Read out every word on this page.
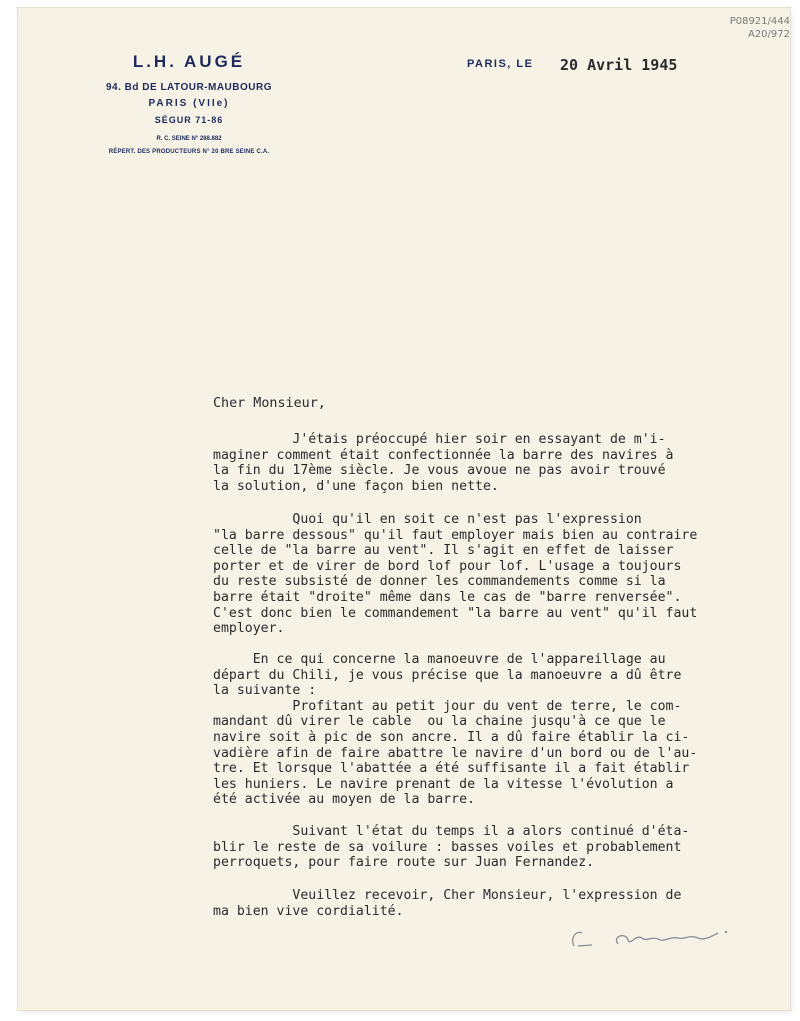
L.H. AUGÉ
94. Bd DE LATOUR-MAUBOURG
PARIS (VIIe)
SÉGUR 71-86
R. C. SEINE N° 288.882
RÉPERT. DES PRODUCTEURS N° 20 BRE SEINE C.A.
PARIS, LE 20 Avril 1945
P08921/444
A20/972
Cher Monsieur,
J'étais préoccupé hier soir en essayant de m'i-
maginer comment était confectionnée la barre des navires à
la fin du 17ème siècle. Je vous avoue ne pas avoir trouvé
la solution, d'une façon bien nette.
Quoi qu'il en soit ce n'est pas l'expression
"la barre dessous" qu'il faut employer mais bien au contraire
celle de "la barre au vent". Il s'agit en effet de laisser
porter et de virer de bord lof pour lof. L'usage a toujours
du reste subsisté de donner les commandements comme si la
barre était "droite" même dans le cas de "barre renversée".
C'est donc bien le commandement "la barre au vent" qu'il faut
employer.
En ce qui concerne la manoeuvre de l'appareillage au
départ du Chili, je vous précise que la manoeuvre a dû être
la suivante :
Profitant au petit jour du vent de terre, le com-
mandant dû virer le cable  ou la chaine jusqu'à ce que le
navire soit à pic de son ancre. Il a dû faire établir la ci-
vadière afin de faire abattre le navire d'un bord ou de l'au-
tre. Et lorsque l'abattée a été suffisante il a fait établir
les huniers. Le navire prenant de la vitesse l'évolution a
été activée au moyen de la barre.
Suivant l'état du temps il a alors continué d'éta-
blir le reste de sa voilure : basses voiles et probablement
perroquets, pour faire route sur Juan Fernandez.
Veuillez recevoir, Cher Monsieur, l'expression de
ma bien vive cordialité.
